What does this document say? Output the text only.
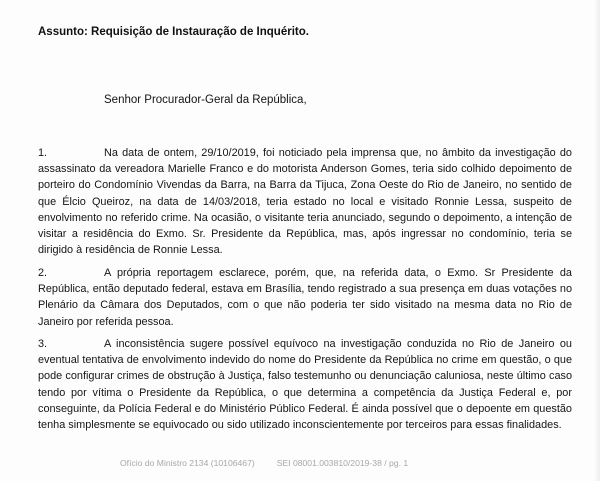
Assunto: Requisição de Instauração de Inquérito.
Senhor Procurador-Geral da República,
1.	Na data de ontem, 29/10/2019, foi noticiado pela imprensa que, no âmbito da investigação do assassinato da vereadora Marielle Franco e do motorista Anderson Gomes, teria sido colhido depoimento de porteiro do Condomínio Vivendas da Barra, na Barra da Tijuca, Zona Oeste do Rio de Janeiro, no sentido de que Élcio Queiroz, na data de 14/03/2018, teria estado no local e visitado Ronnie Lessa, suspeito de envolvimento no referido crime. Na ocasião, o visitante teria anunciado, segundo o depoimento, a intenção de visitar a residência do Exmo. Sr. Presidente da República, mas, após ingressar no condomínio, teria se dirigido à residência de Ronnie Lessa.
2.	A própria reportagem esclarece, porém, que, na referida data, o Exmo. Sr Presidente da República, então deputado federal, estava em Brasília, tendo registrado a sua presença em duas votações no Plenário da Câmara dos Deputados, com o que não poderia ter sido visitado na mesma data no Rio de Janeiro por referida pessoa.
3.	A inconsistência sugere possível equívoco na investigação conduzida no Rio de Janeiro ou eventual tentativa de envolvimento indevido do nome do Presidente da República no crime em questão, o que pode configurar crimes de obstrução à Justiça, falso testemunho ou denunciação caluniosa, neste último caso tendo por vítima o Presidente da República, o que determina a competência da Justiça Federal e, por conseguinte, da Polícia Federal e do Ministério Público Federal. É ainda possível que o depoente em questão tenha simplesmente se equivocado ou sido utilizado inconscientemente por terceiros para essas finalidades.
Ofício do Ministro 2134 (10106467)	SEI 08001.003810/2019-38 / pg. 1
